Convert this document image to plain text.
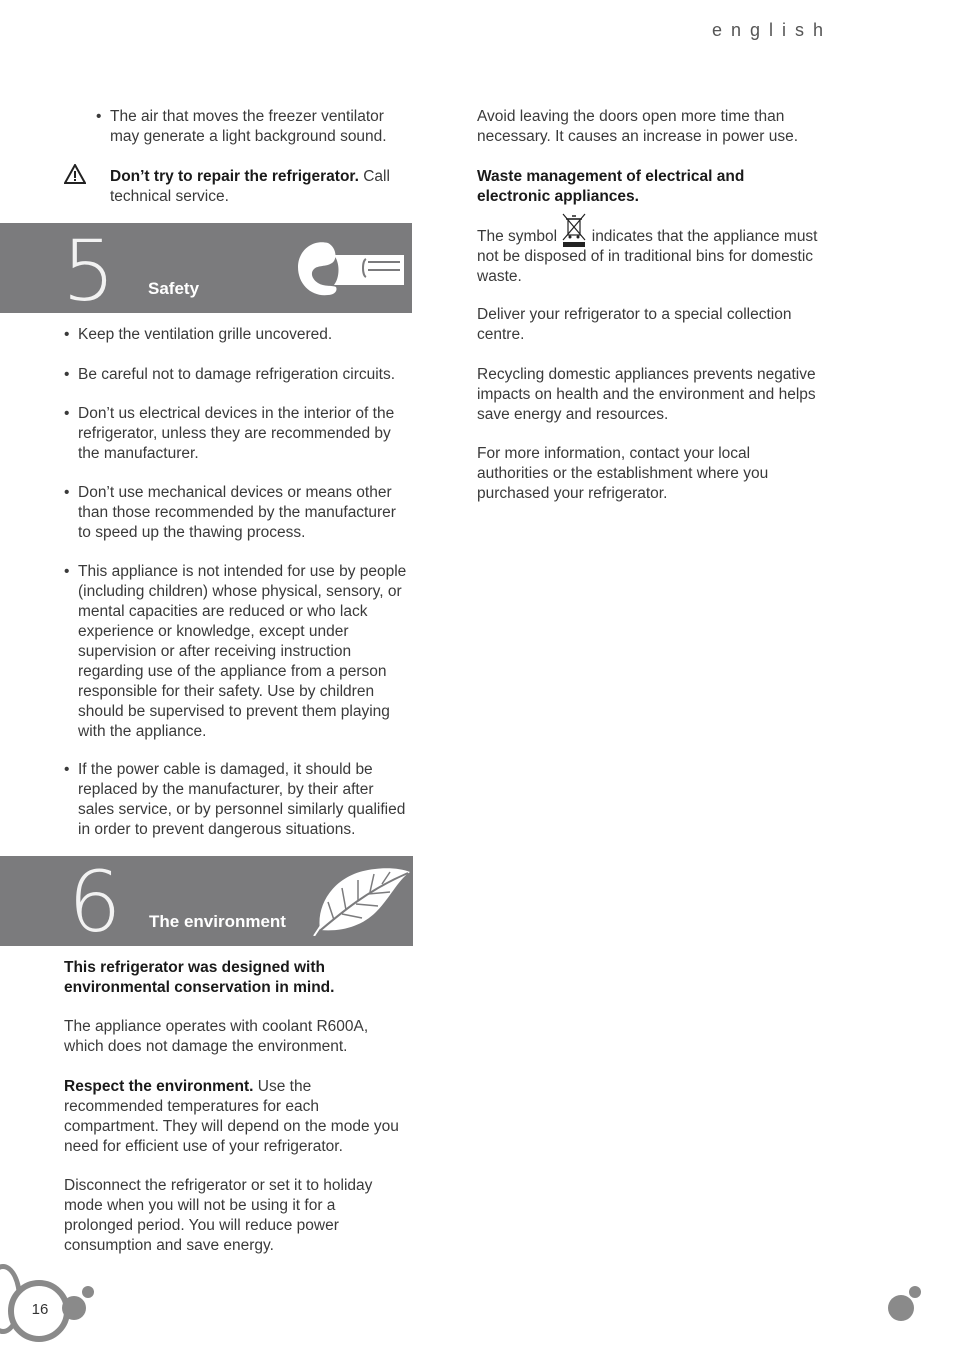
english
• The air that moves the freezer ventilator may generate a light background sound.

Don’t try to repair the refrigerator. Call technical service.

5 Safety
• Keep the ventilation grille uncovered.
• Be careful not to damage refrigeration circuits.
• Don’t us electrical devices in the interior of the refrigerator, unless they are recommended by the manufacturer.
• Don’t use mechanical devices or means other than those recommended by the manufacturer to speed up the thawing process.
• This appliance is not intended for use by people (including children) whose physical, sensory, or mental capacities are reduced or who lack experience or knowledge, except under supervision or after receiving instruction regarding use of the appliance from a person responsible for their safety. Use by children should be supervised to prevent them playing with the appliance.
• If the power cable is damaged, it should be replaced by the manufacturer, by their after sales service, or by personnel similarly qualified in order to prevent dangerous situations.
6 The environment

This refrigerator was designed with environmental conservation in mind.

The appliance operates with coolant R600A, which does not damage the environment.

Respect the environment. Use the recommended temperatures for each compartment. They will depend on the mode you need for efficient use of your refrigerator.

Disconnect the refrigerator or set it to holiday mode when you will not be using it for a prolonged period. You will reduce power consumption and save energy.

Avoid leaving the doors open more time than necessary. It causes an increase in power use.

Waste management of electrical and electronic appliances.

The symbol
indicates that the appliance must not be disposed of in traditional bins for domestic waste.

Deliver your refrigerator to a special collection centre.

Recycling domestic appliances prevents negative impacts on health and the environment and helps save energy and resources.

For more information, contact your local authorities or the establishment where you purchased your refrigerator.

16
